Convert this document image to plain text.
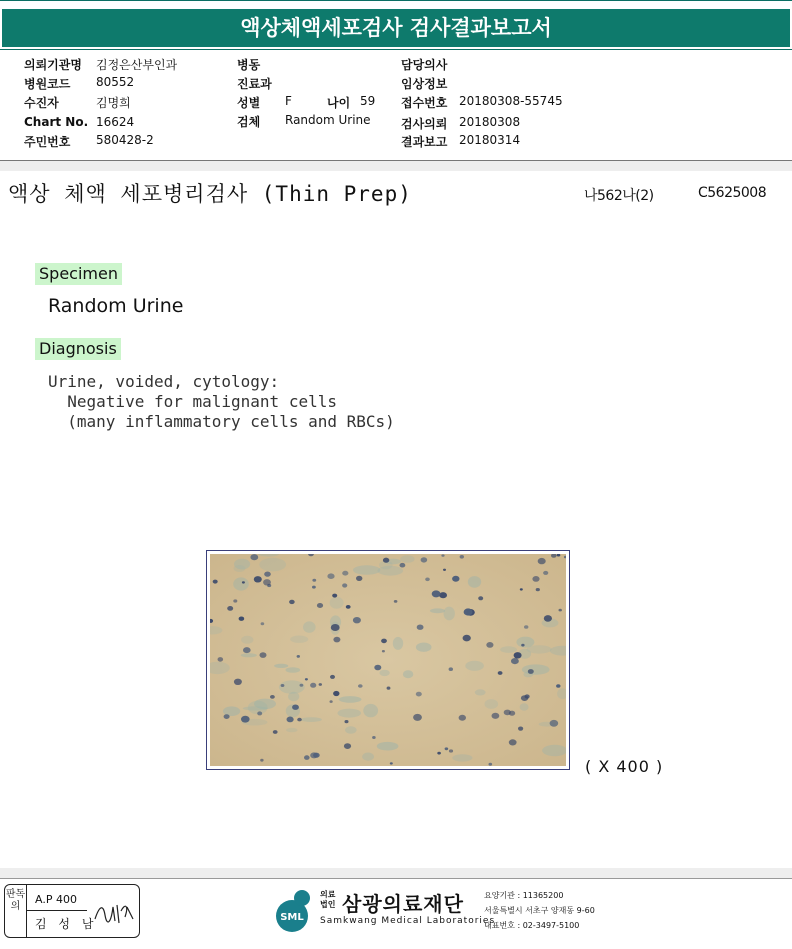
액상체액세포검사 검사결과보고서
의뢰기관명 김정은산부인과
병원코드 80552
수진자	김명희
Chart No. 16624
주민번호 580428-2
병동
진료과
성별 F	나이 59
검체 Random Urine
담당의사
임상정보
접수번호 20180308-55745
검사의뢰 20180308
결과보고 20180314
액상 체액 세포병리검사 (Thin Prep)	나562나(2)	C5625008
Specimen
Random Urine
Diagnosis
Urine, voided, cytology:
Negative for malignant cells
(many inflammatory cells and RBCs)
( X 400 )
판독의
A.P 400
김 성 남	SML
의료
법인 삼광의료재단
Samkwang Medical Laboratories
요양기관 : 11365200
서울특별시 서초구 양재동 9-60
대표번호 : 02-3497-5100
